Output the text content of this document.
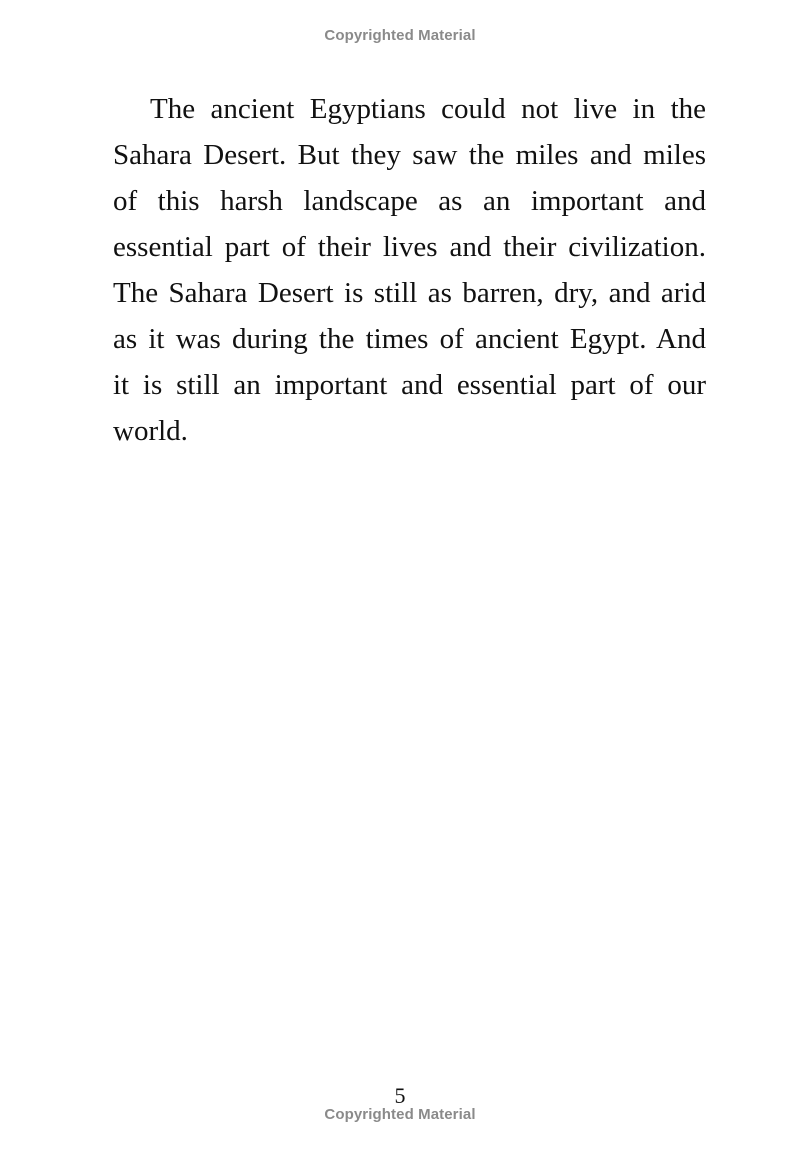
Copyrighted Material

The ancient Egyptians could not live in the
Sahara Desert. But they saw the miles and miles
of this harsh landscape as an important and
essential part of their lives and their civilization.
The Sahara Desert is still as barren, dry, and arid
as it was during the times of ancient Egypt. And
it is still an important and essential part of our
world.

5
Copyrighted Material
